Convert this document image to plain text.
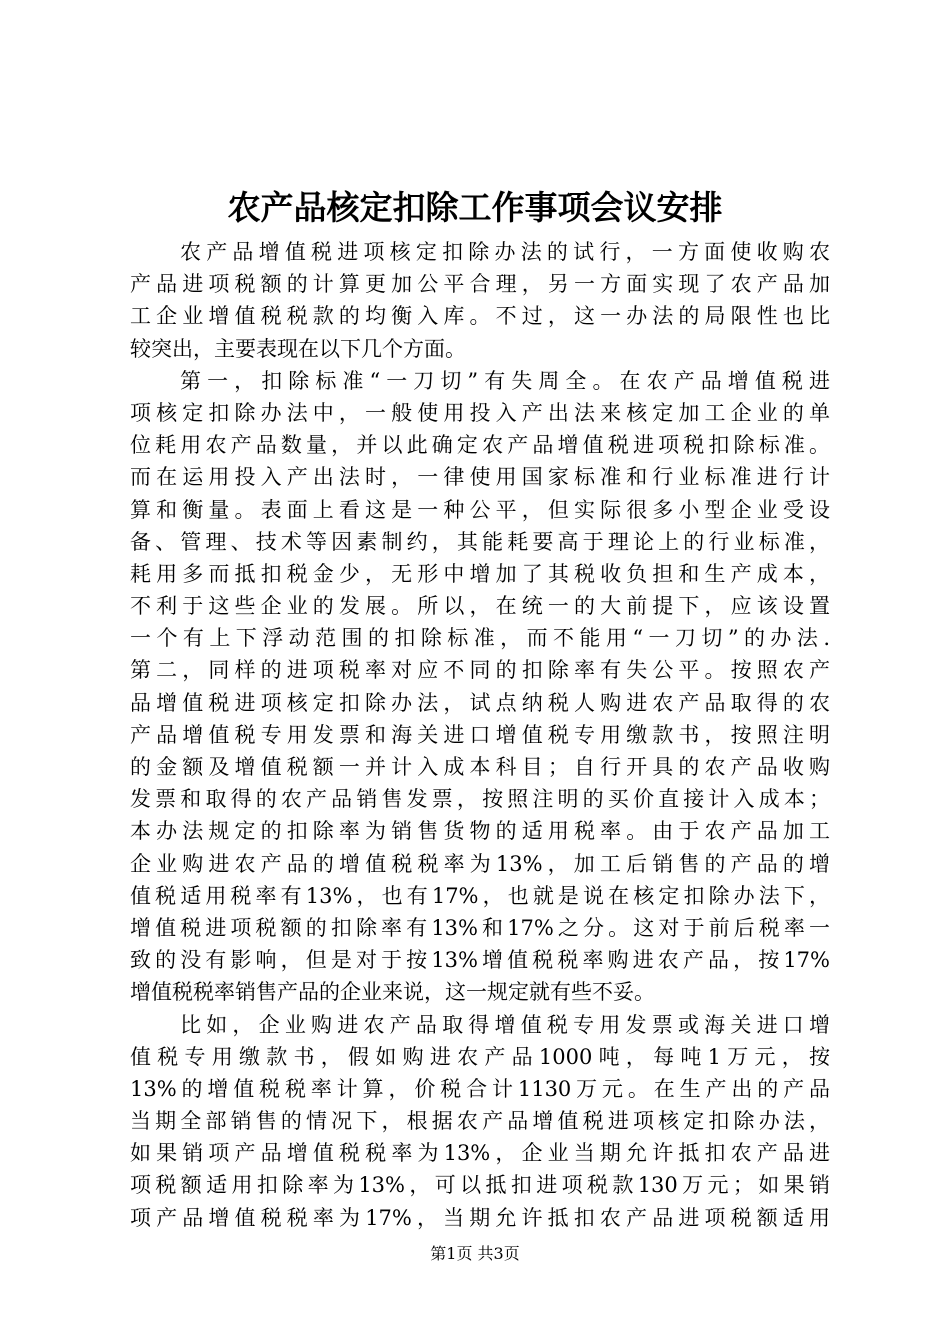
农产品核定扣除工作事项会议安排
农产品增值税进项核定扣除办法的试行，一方面使收购农
产品进项税额的计算更加公平合理，另一方面实现了农产品加
工企业增值税税款的均衡入库。不过，这一办法的局限性也比
较突出，主要表现在以下几个方面。
第一，扣除标准“一刀切”有失周全。在农产品增值税进
项核定扣除办法中，一般使用投入产出法来核定加工企业的单
位耗用农产品数量，并以此确定农产品增值税进项税扣除标准。
而在运用投入产出法时，一律使用国家标准和行业标准进行计
算和衡量。表面上看这是一种公平，但实际很多小型企业受设
备、管理、技术等因素制约，其能耗要高于理论上的行业标准，
耗用多而抵扣税金少，无形中增加了其税收负担和生产成本，
不利于这些企业的发展。所以，在统一的大前提下，应该设置
一个有上下浮动范围的扣除标准，而不能用“一刀切”的办法.
第二，同样的进项税率对应不同的扣除率有失公平。按照农产
品增值税进项核定扣除办法，试点纳税人购进农产品取得的农
产品增值税专用发票和海关进口增值税专用缴款书，按照注明
的金额及增值税额一并计入成本科目；自行开具的农产品收购
发票和取得的农产品销售发票，按照注明的买价直接计入成本；
本办法规定的扣除率为销售货物的适用税率。由于农产品加工
企业购进农产品的增值税税率为13%，加工后销售的产品的增
值税适用税率有13%，也有17%，也就是说在核定扣除办法下，
增值税进项税额的扣除率有13%和17%之分。这对于前后税率一
致的没有影响，但是对于按13%增值税税率购进农产品，按17%
增值税税率销售产品的企业来说，这一规定就有些不妥。
比如，企业购进农产品取得增值税专用发票或海关进口增
值税专用缴款书，假如购进农产品1000吨，每吨1万元，按
13%的增值税税率计算，价税合计1130万元。在生产出的产品
当期全部销售的情况下，根据农产品增值税进项核定扣除办法，
如果销项产品增值税税率为13%，企业当期允许抵扣农产品进
项税额适用扣除率为13%，可以抵扣进项税款130万元；如果销
项产品增值税税率为17%，当期允许抵扣农产品进项税额适用
第1页 共3页
